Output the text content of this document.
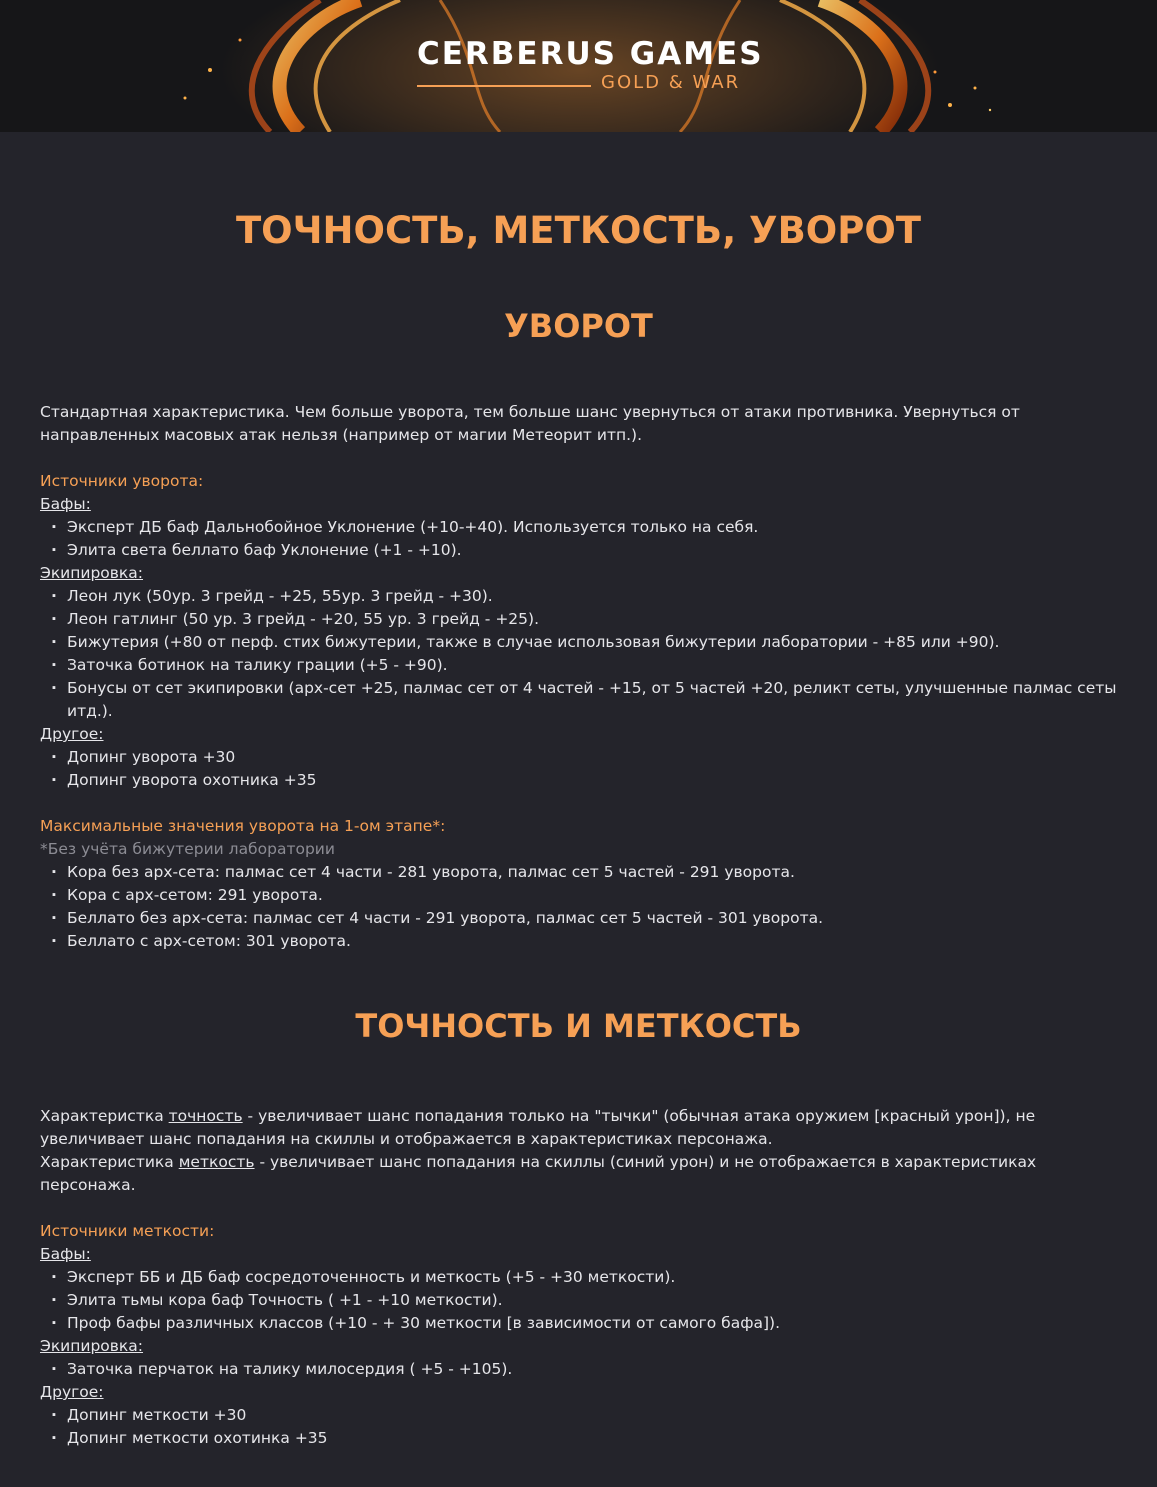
CERBERUS GAMES
GOLD & WAR
ТОЧНОСТЬ, МЕТКОСТЬ, УВОРОТ
УВОРОТ

Стандартная характеристика. Чем больше уворота, тем больше шанс увернуться от атаки противника. Увернуться от направленных масовых атак нельзя (например от магии Метеорит итп.).

Источники уворота:
Бафы:
· Эксперт ДБ баф Дальнобойное Уклонение (+10-+40). Используется только на себя.
· Элита света беллато баф Уклонение (+1 - +10).
Экипировка:
· Леон лук (50ур. 3 грейд - +25, 55ур. 3 грейд - +30).
· Леон гатлинг (50 ур. 3 грейд - +20, 55 ур. 3 грейд - +25).
· Бижутерия (+80 от перф. стих бижутерии, также в случае использовая бижутерии лаборатории - +85 или +90).
· Заточка ботинок на талику грации (+5 - +90).
· Бонусы от сет экипировки (арх-сет +25, палмас сет от 4 частей - +15, от 5 частей +20, реликт сеты, улучшенные палмас сеты итд.).
Другое:
· Допинг уворота +30
· Допинг уворота охотника +35
Максимальные значения уворота на 1-ом этапе*:
*Без учёта бижутерии лаборатории
· Кора без арх-сета: палмас сет 4 части - 281 уворота, палмас сет 5 частей - 291 уворота.
· Кора с арх-сетом: 291 уворота.
· Беллато без арх-сета: палмас сет 4 части - 291 уворота, палмас сет 5 частей - 301 уворота.
· Беллато с арх-сетом: 301 уворота.
ТОЧНОСТЬ И МЕТКОСТЬ

Характеристка точность - увеличивает шанс попадания только на "тычки" (обычная атака оружием [красный урон]), не увеличивает шанс попадания на скиллы и отображается в характеристиках персонажа.

Характеристика меткость - увеличивает шанс попадания на скиллы (синий урон) и не отображается в характеристиках персонажа.

Источники меткости:
Бафы:
· Эксперт ББ и ДБ баф сосредоточенность и меткость (+5 - +30 меткости).
· Элита тьмы кора баф Точность ( +1 - +10 меткости).
· Проф бафы различных классов (+10 - + 30 меткости [в зависимости от самого бафа]).
Экипировка:
· Заточка перчаток на талику милосердия ( +5 - +105).
Другое:
· Допинг меткости +30
· Допинг меткости охотинка +35
